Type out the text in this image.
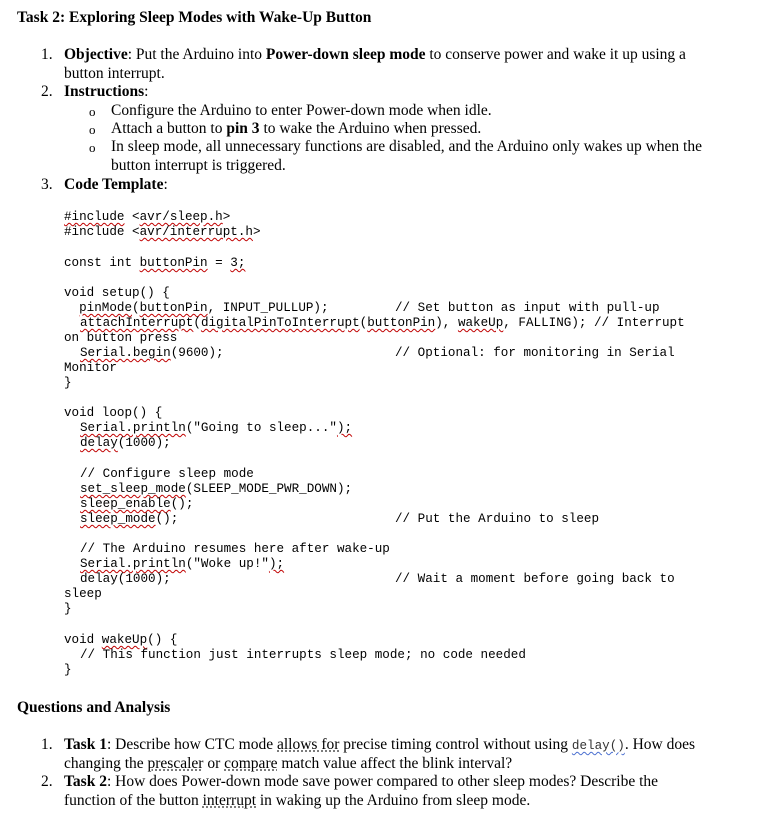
Task 2: Exploring Sleep Modes with Wake-Up Button
1. Objective: Put the Arduino into Power-down sleep mode to conserve power and wake it up using a
button interrupt.
2. Instructions:
o Configure the Arduino to enter Power-down mode when idle.
o Attach a button to pin 3 to wake the Arduino when pressed.
o In sleep mode, all unnecessary functions are disabled, and the Arduino only wakes up when the
button interrupt is triggered.
3. Code Template:
#include <avr/sleep.h>
#include <avr/interrupt.h>
const int buttonPin = 3;
void setup() {
pinMode(buttonPin, INPUT_PULLUP);	// Set button as input with pull-up
attachInterrupt(digitalPinToInterrupt(buttonPin), wakeUp, FALLING); // Interrupt
on button press
Serial.begin(9600);	// Optional: for monitoring in Serial
Monitor
}
void loop() {
Serial.println("Going to sleep...");
delay(1000);
// Configure sleep mode
set_sleep_mode(SLEEP_MODE_PWR_DOWN);
sleep_enable();
sleep_mode();	// Put the Arduino to sleep
// The Arduino resumes here after wake-up
Serial.println("Woke up!");
delay(1000);	// Wait a moment before going back to
sleep
}
void wakeUp() {
// This function just interrupts sleep mode; no code needed
}
Questions and Analysis
1. Task 1: Describe how CTC mode allows for precise timing control without using delay(). How does
changing the prescaler or compare match value affect the blink interval?
2. Task 2: How does Power-down mode save power compared to other sleep modes? Describe the
function of the button interrupt in waking up the Arduino from sleep mode.
